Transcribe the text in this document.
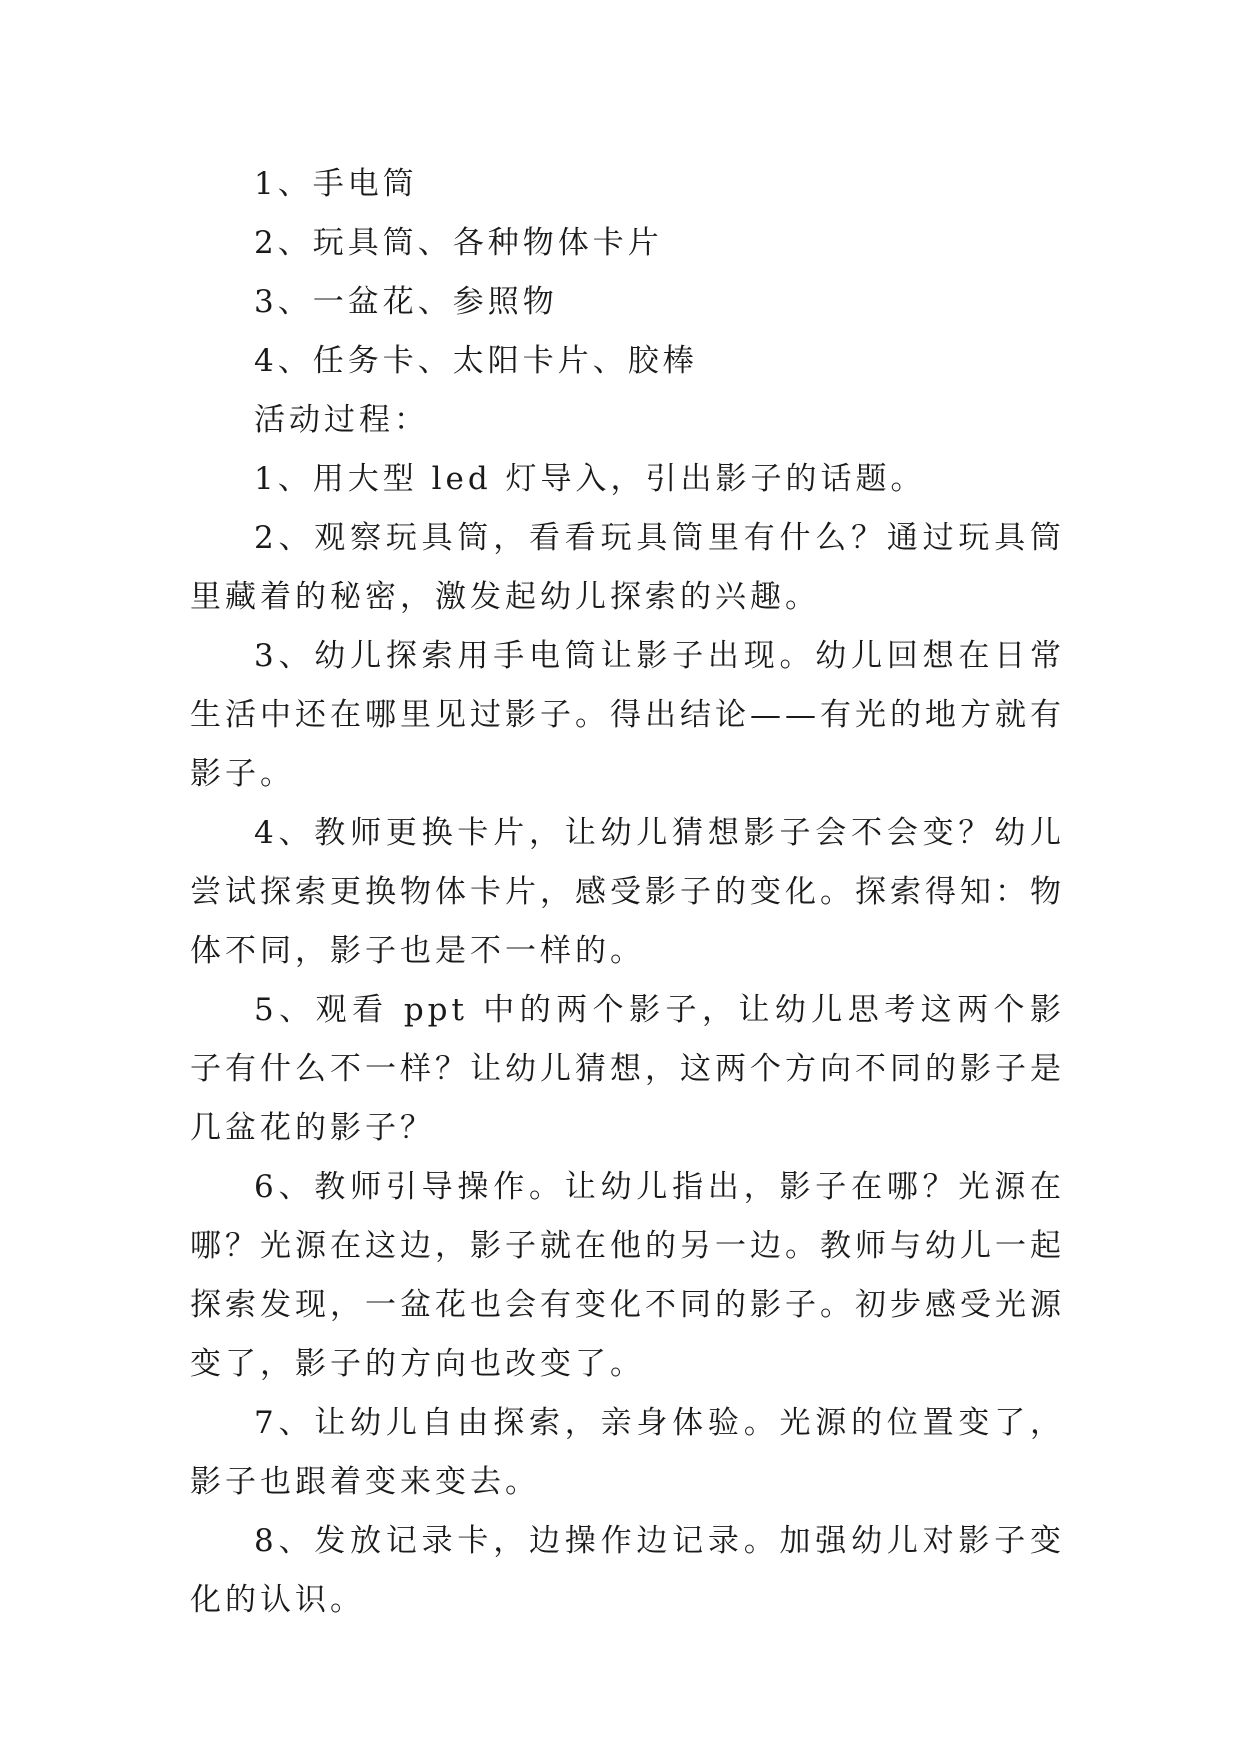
1、手电筒

2、玩具筒、各种物体卡片

3、一盆花、参照物

4、任务卡、太阳卡片、胶棒

活动过程：

1、用大型 led 灯导入，引出影子的话题。

2、观察玩具筒，看看玩具筒里有什么？通过玩具筒里藏着的秘密，激发起幼儿探索的兴趣。

3、幼儿探索用手电筒让影子出现。幼儿回想在日常生活中还在哪里见过影子。得出结论——有光的地方就有影子。

4、教师更换卡片，让幼儿猜想影子会不会变？幼儿尝试探索更换物体卡片，感受影子的变化。探索得知：物体不同，影子也是不一样的。

5、观看 ppt 中的两个影子，让幼儿思考这两个影子有什么不一样？让幼儿猜想，这两个方向不同的影子是几盆花的影子？

6、教师引导操作。让幼儿指出，影子在哪？光源在哪？光源在这边，影子就在他的另一边。教师与幼儿一起探索发现，一盆花也会有变化不同的影子。初步感受光源变了，影子的方向也改变了。

7、让幼儿自由探索，亲身体验。光源的位置变了，影子也跟着变来变去。

8、发放记录卡，边操作边记录。加强幼儿对影子变化的认识。
